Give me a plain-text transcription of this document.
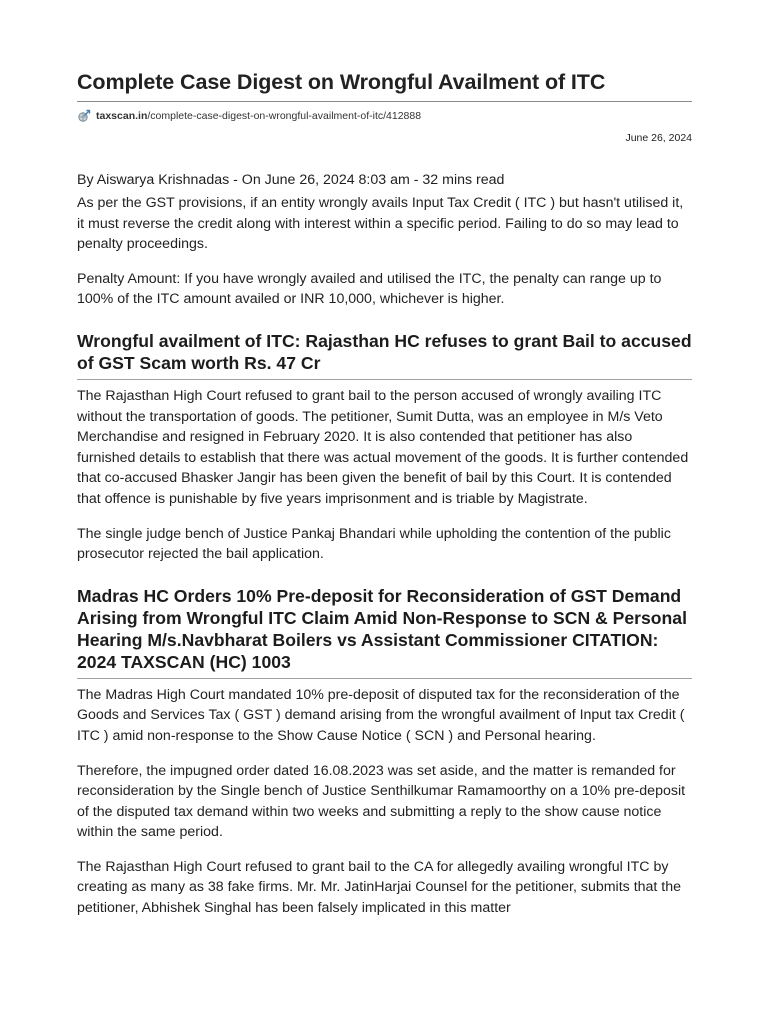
Complete Case Digest on Wrongful Availment of ITC
taxscan.in /complete-case-digest-on-wrongful-availment-of-itc/412888
June 26, 2024
By Aiswarya Krishnadas - On June 26, 2024 8:03 am - 32 mins read

As per the GST provisions, if an entity wrongly avails Input Tax Credit ( ITC ) but hasn't utilised it, it must reverse the credit along with interest within a specific period. Failing to do so may lead to penalty proceedings.

Penalty Amount: If you have wrongly availed and utilised the ITC, the penalty can range up to 100% of the ITC amount availed or INR 10,000, whichever is higher.

Wrongful availment of ITC: Rajasthan HC refuses to grant Bail to accused of GST Scam worth Rs. 47 Cr

The Rajasthan High Court refused to grant bail to the person accused of wrongly availing ITC without the transportation of goods. The petitioner, Sumit Dutta, was an employee in M/s Veto Merchandise and resigned in February 2020. It is also contended that petitioner has also furnished details to establish that there was actual movement of the goods. It is further contended that co-accused Bhasker Jangir has been given the benefit of bail by this Court. It is contended that offence is punishable by five years imprisonment and is triable by Magistrate.

The single judge bench of Justice Pankaj Bhandari while upholding the contention of the public prosecutor rejected the bail application.

Madras HC Orders 10% Pre-deposit for Reconsideration of GST Demand Arising from Wrongful ITC Claim Amid Non-Response to SCN & Personal Hearing M/s.Navbharat Boilers vs Assistant Commissioner CITATION: 2024 TAXSCAN (HC) 1003

The Madras High Court mandated 10% pre-deposit of disputed tax for the reconsideration of the Goods and Services Tax ( GST ) demand arising from the wrongful availment of Input tax Credit ( ITC ) amid non-response to the Show Cause Notice ( SCN ) and Personal hearing.

Therefore, the impugned order dated 16.08.2023 was set aside, and the matter is remanded for reconsideration by the Single bench of Justice Senthilkumar Ramamoorthy on a 10% pre-deposit of the disputed tax demand within two weeks and submitting a reply to the show cause notice within the same period.

The Rajasthan High Court refused to grant bail to the CA for allegedly availing wrongful ITC by creating as many as 38 fake firms. Mr. Mr. JatinHarjai Counsel for the petitioner, submits that the petitioner, Abhishek Singhal has been falsely implicated in this matter
